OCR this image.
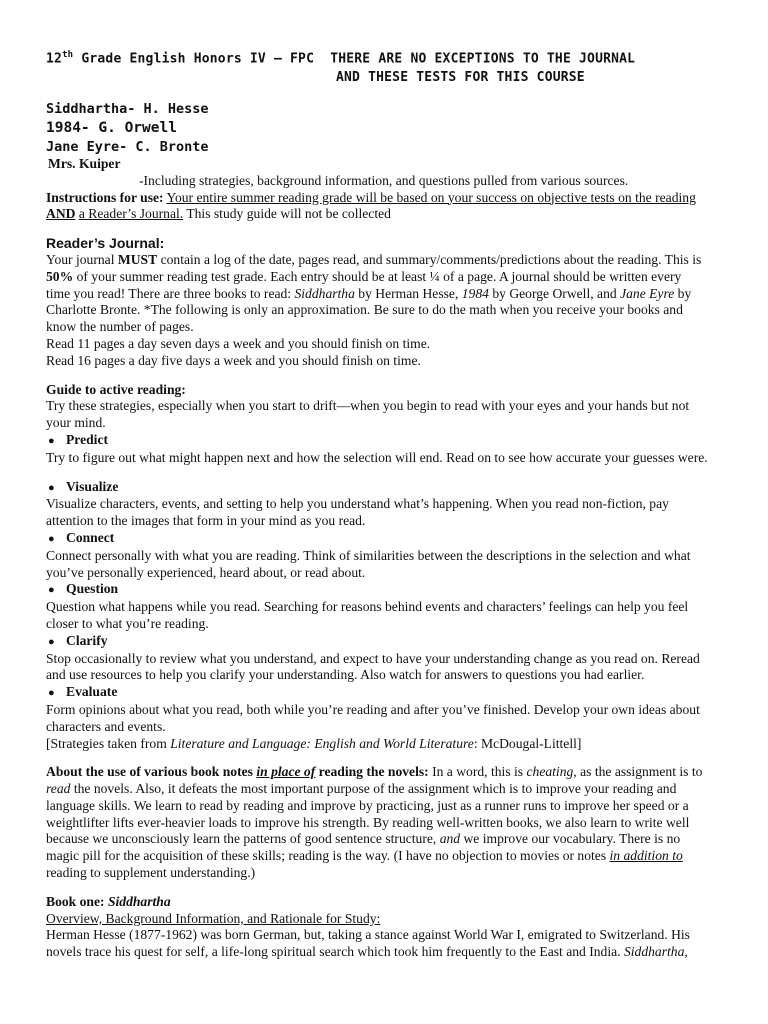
12th Grade English Honors IV – FPC THERE ARE NO EXCEPTIONS TO THE JOURNAL
AND THESE TESTS FOR THIS COURSE
Siddhartha- H. Hesse
1984- G. Orwell
Jane Eyre- C. Bronte
Mrs. Kuiper
-Including strategies, background information, and questions pulled from various sources.
Instructions for use: Your entire summer reading grade will be based on your success on objective tests on the reading
AND a Reader’s Journal. This study guide will not be collected
Reader’s Journal:
Your journal MUST contain a log of the date, pages read, and summary/comments/predictions about the reading. This is
50% of your summer reading test grade. Each entry should be at least ¼ of a page. A journal should be written every
time you read! There are three books to read: Siddhartha by Herman Hesse, 1984 by George Orwell, and Jane Eyre by
Charlotte Bronte. *The following is only an approximation. Be sure to do the math when you receive your books and
know the number of pages.
Read 11 pages a day seven days a week and you should finish on time.
Read 16 pages a day five days a week and you should finish on time.
Guide to active reading:
Try these strategies, especially when you start to drift—when you begin to read with your eyes and your hands but not
your mind.
● Predict
Try to figure out what might happen next and how the selection will end. Read on to see how accurate your guesses were.
● Visualize
Visualize characters, events, and setting to help you understand what’s happening. When you read non-fiction, pay
attention to the images that form in your mind as you read.
● Connect
Connect personally with what you are reading. Think of similarities between the descriptions in the selection and what
you’ve personally experienced, heard about, or read about.
● Question
Question what happens while you read. Searching for reasons behind events and characters’ feelings can help you feel
closer to what you’re reading.
● Clarify
Stop occasionally to review what you understand, and expect to have your understanding change as you read on. Reread
and use resources to help you clarify your understanding. Also watch for answers to questions you had earlier.
● Evaluate
Form opinions about what you read, both while you’re reading and after you’ve finished. Develop your own ideas about
characters and events.
[Strategies taken from Literature and Language: English and World Literature: McDougal-Littell]
About the use of various book notes in place of reading the novels: In a word, this is cheating, as the assignment is to
read the novels. Also, it defeats the most important purpose of the assignment which is to improve your reading and
language skills. We learn to read by reading and improve by practicing, just as a runner runs to improve her speed or a
weightlifter lifts ever-heavier loads to improve his strength. By reading well-written books, we also learn to write well
because we unconsciously learn the patterns of good sentence structure, and we improve our vocabulary. There is no
magic pill for the acquisition of these skills; reading is the way. (I have no objection to movies or notes in addition to
reading to supplement understanding.)
Book one: Siddhartha
Overview, Background Information, and Rationale for Study:
Herman Hesse (1877-1962) was born German, but, taking a stance against World War I, emigrated to Switzerland. His
novels trace his quest for self, a life-long spiritual search which took him frequently to the East and India. Siddhartha,
